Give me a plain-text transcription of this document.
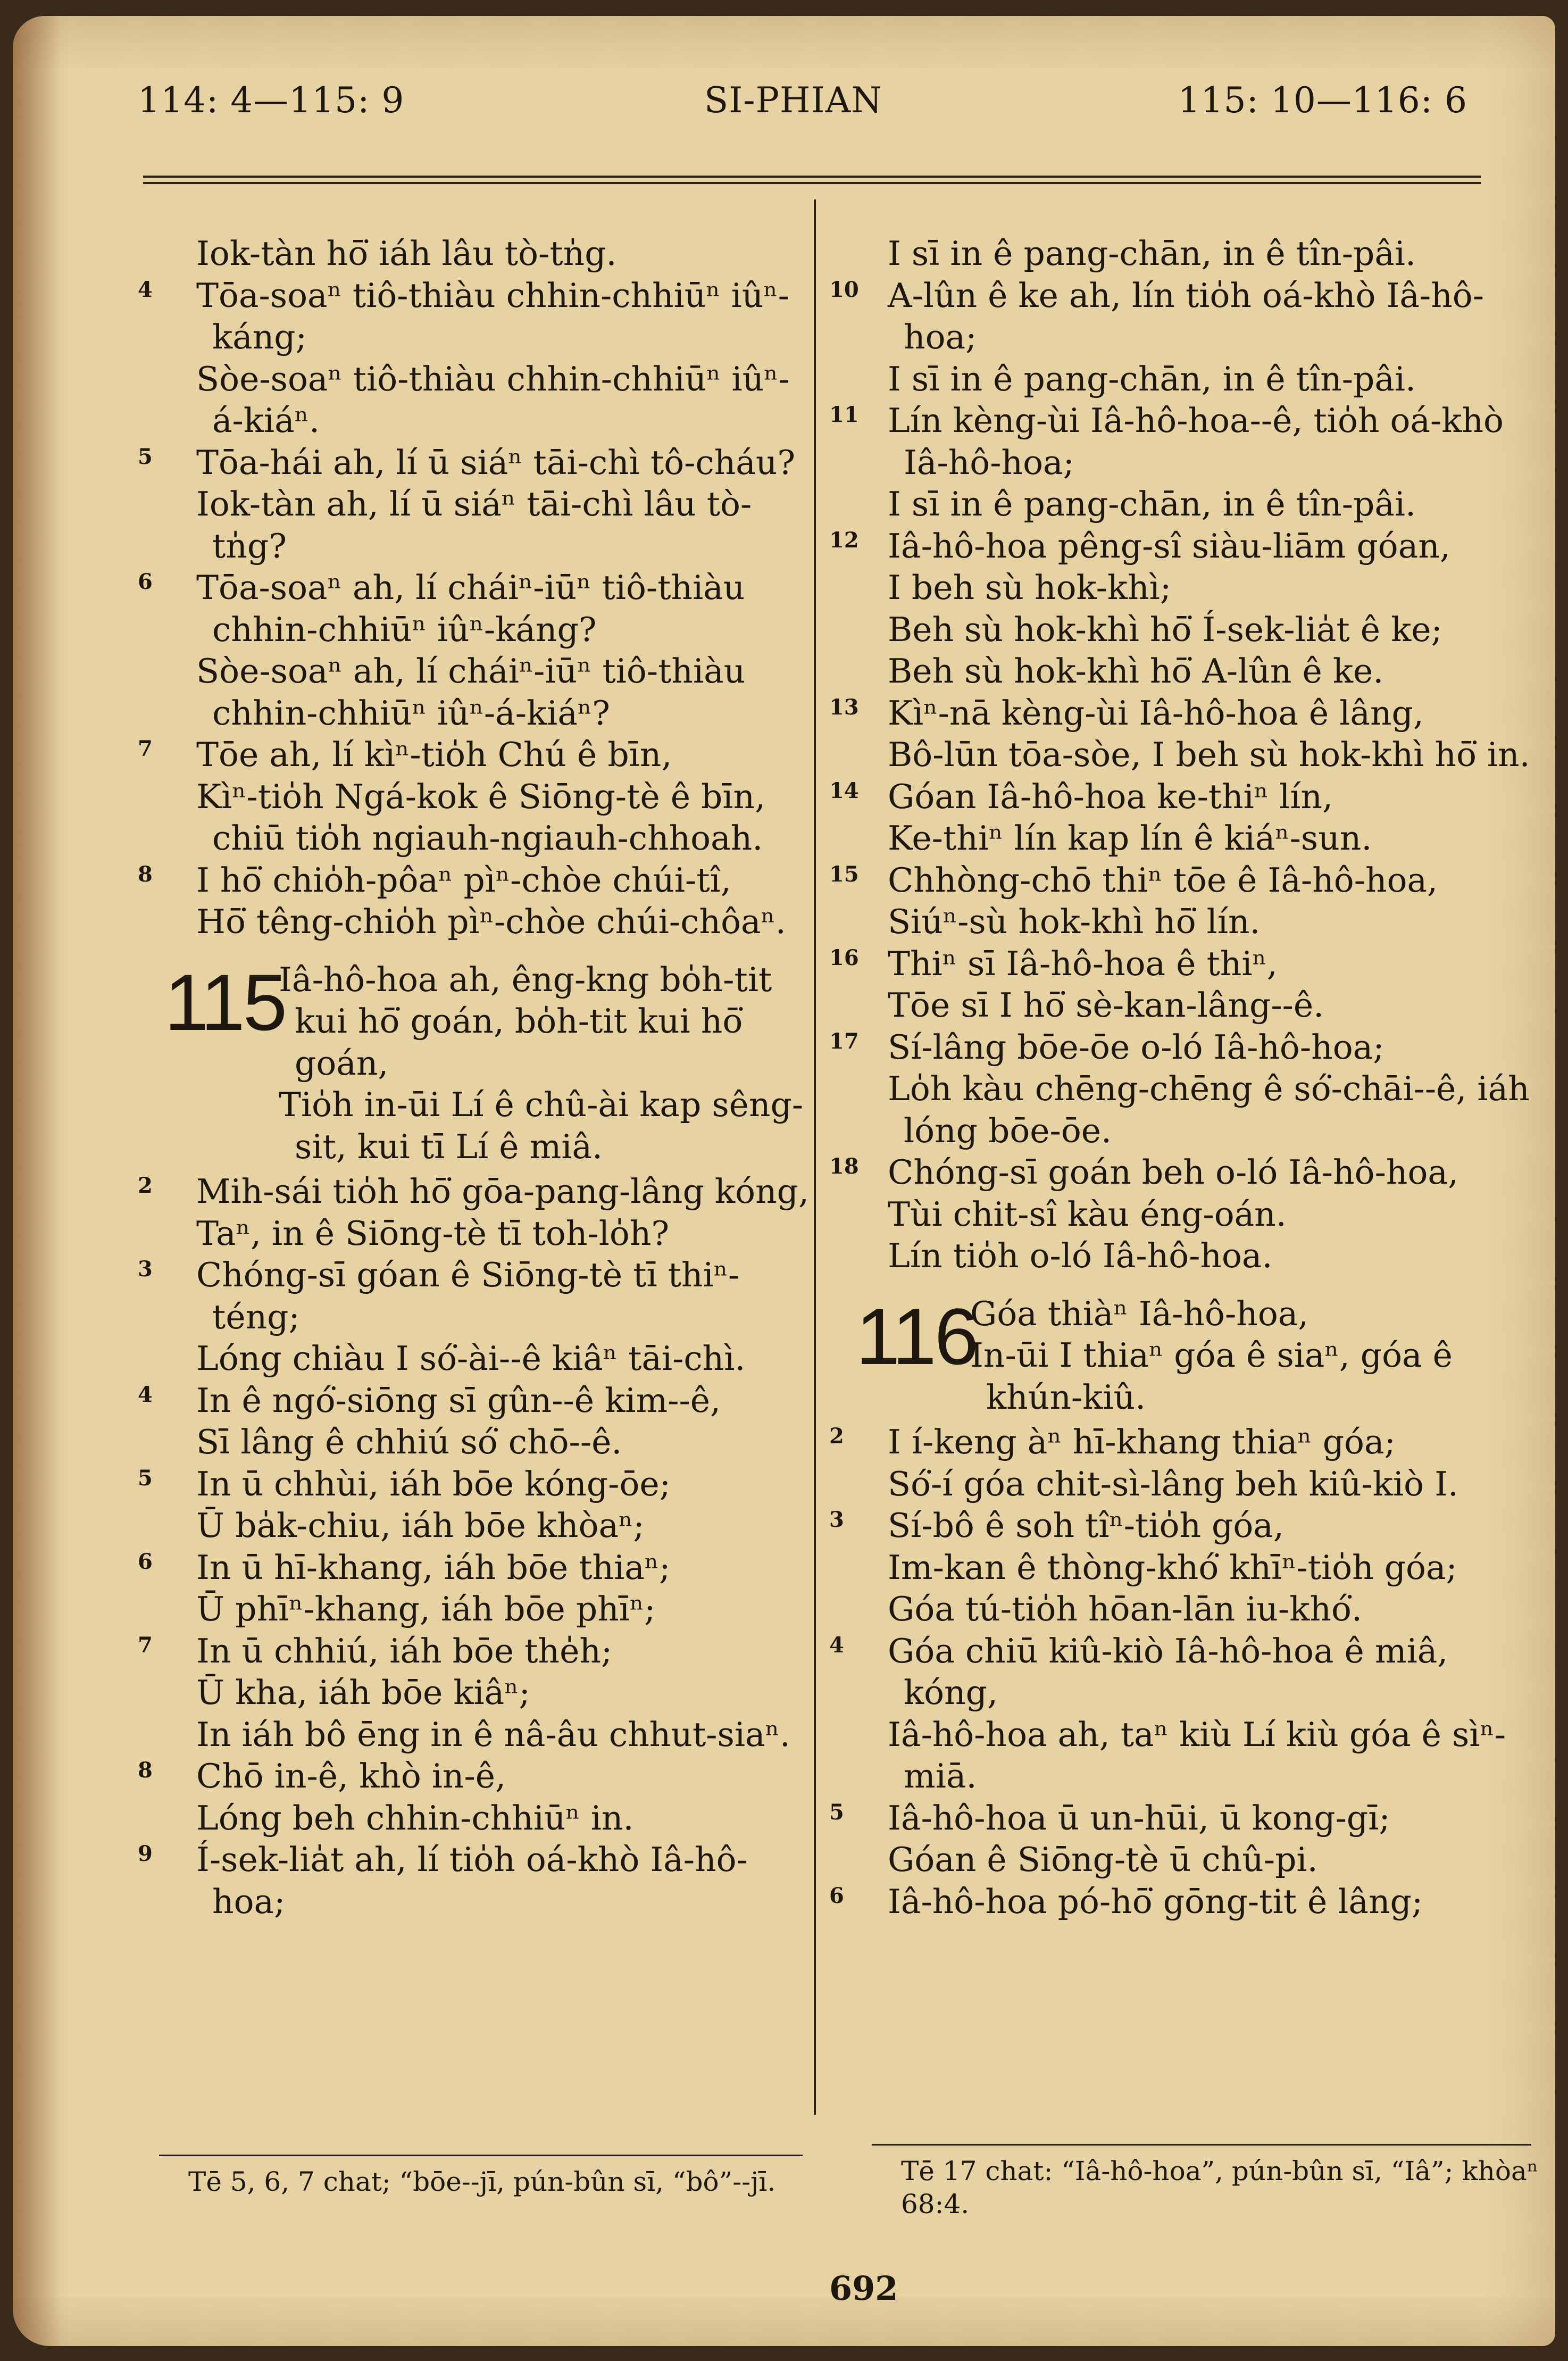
114: 4—115: 9	SI-PHIAN	115: 10—116: 6
Iok-tàn hō͘ iáh lâu tò-tn̍g.
4 Tōa-soaⁿ tiô-thiàu chhin-chhiūⁿ iûⁿ-káng;
Sòe-soaⁿ tiô-thiàu chhin-chhiūⁿ iûⁿ-á-kiáⁿ.
5 Tōa-hái ah, lí ū siáⁿ tāi-chì tô-cháu?
Iok-tàn ah, lí ū siáⁿ tāi-chì lâu tò-tn̍g?
6 Tōa-soaⁿ ah, lí cháiⁿ-iūⁿ tiô-thiàu chhin-chhiūⁿ iûⁿ-káng?
Sòe-soaⁿ ah, lí cháiⁿ-iūⁿ tiô-thiàu chhin-chhiūⁿ iûⁿ-á-kiáⁿ?
7 Tōe ah, lí kìⁿ-tio̍h Chú ê bīn,
Kìⁿ-tio̍h Ngá-kok ê Siōng-tè ê bīn, chiū tio̍h ngiauh-ngiauh-chhoah.
8 I hō͘ chio̍h-pôaⁿ pìⁿ-chòe chúi-tî,
Hō͘ têng-chio̍h pìⁿ-chòe chúi-chôaⁿ.
115
Iâ-hô-hoa ah, êng-kng bo̍h-tit kui hō͘ goán, bo̍h-tit kui hō͘ goán,
Tio̍h in-ūi Lí ê chû-ài kap sêng-sit, kui tī Lí ê miâ.
2 Mih-sái tio̍h hō͘ gōa-pang-lâng kóng,
Taⁿ, in ê Siōng-tè tī toh-lo̍h?
3 Chóng-sī góan ê Siōng-tè tī thiⁿ-téng;
Lóng chiàu I só͘-ài--ê kiâⁿ tāi-chì.
4 In ê ngó͘-siōng sī gûn--ê kim--ê,
Sī lâng ê chhiú só͘ chō--ê.
5 In ū chhùi, iáh bōe kóng-ōe;
Ū ba̍k-chiu, iáh bōe khòaⁿ;
6 In ū hī-khang, iáh bōe thiaⁿ;
Ū phīⁿ-khang, iáh bōe phīⁿ;
7 In ū chhiú, iáh bōe the̍h;
Ū kha, iáh bōe kiâⁿ;
In iáh bô ēng in ê nâ-âu chhut-siaⁿ.
8 Chō in-ê, khò in-ê,
Lóng beh chhin-chhiūⁿ in.
9 Í-sek-lia̍t ah, lí tio̍h oá-khò Iâ-hô-hoa;
I sī in ê pang-chān, in ê tîn-pâi.
10 A-lûn ê ke ah, lín tio̍h oá-khò Iâ-hô-hoa;
I sī in ê pang-chān, in ê tîn-pâi.
11 Lín kèng-ùi Iâ-hô-hoa--ê, tio̍h oá-khò Iâ-hô-hoa;
I sī in ê pang-chān, in ê tîn-pâi.
12 Iâ-hô-hoa pêng-sî siàu-liām góan,
I beh sù hok-khì;
Beh sù hok-khì hō͘ Í-sek-lia̍t ê ke;
Beh sù hok-khì hō͘ A-lûn ê ke.
13 Kìⁿ-nā kèng-ùi Iâ-hô-hoa ê lâng,
Bô-lūn tōa-sòe, I beh sù hok-khì hō͘ in.
14 Góan Iâ-hô-hoa ke-thiⁿ lín,
Ke-thiⁿ lín kap lín ê kiáⁿ-sun.
15 Chhòng-chō thiⁿ tōe ê Iâ-hô-hoa,
Siúⁿ-sù hok-khì hō͘ lín.
16 Thiⁿ sī Iâ-hô-hoa ê thiⁿ,
Tōe sī I hō͘ sè-kan-lâng--ê.
17 Sí-lâng bōe-ōe o-ló Iâ-hô-hoa;
Lo̍h kàu chēng-chēng ê só͘-chāi--ê, iáh lóng bōe-ōe.
18 Chóng-sī goán beh o-ló Iâ-hô-hoa,
Tùi chit-sî kàu éng-oán.
Lín tio̍h o-ló Iâ-hô-hoa.
116
Góa thiàⁿ Iâ-hô-hoa,
In-ūi I thiaⁿ góa ê siaⁿ, góa ê khún-kiû.
2 I í-keng àⁿ hī-khang thiaⁿ góa;
Só͘-í góa chit-sì-lâng beh kiû-kiò I.
3 Sí-bô ê soh tîⁿ-tio̍h góa,
Im-kan ê thòng-khó͘ khīⁿ-tio̍h góa;
Góa tú-tio̍h hōan-lān iu-khó͘.
4 Góa chiū kiû-kiò Iâ-hô-hoa ê miâ, kóng,
Iâ-hô-hoa ah, taⁿ kiù Lí kiù góa ê sìⁿ-miā.
5 Iâ-hô-hoa ū un-hūi, ū kong-gī;
Góan ê Siōng-tè ū chû-pi.
6 Iâ-hô-hoa pó-hō͘ gōng-tit ê lâng;
Tē 5, 6, 7 chat; “bōe--jī, pún-bûn sī, “bô”--jī.	Tē 17 chat: “Iâ-hô-hoa”, pún-bûn sī, “Iâ”; khòaⁿ 68:4.
692
